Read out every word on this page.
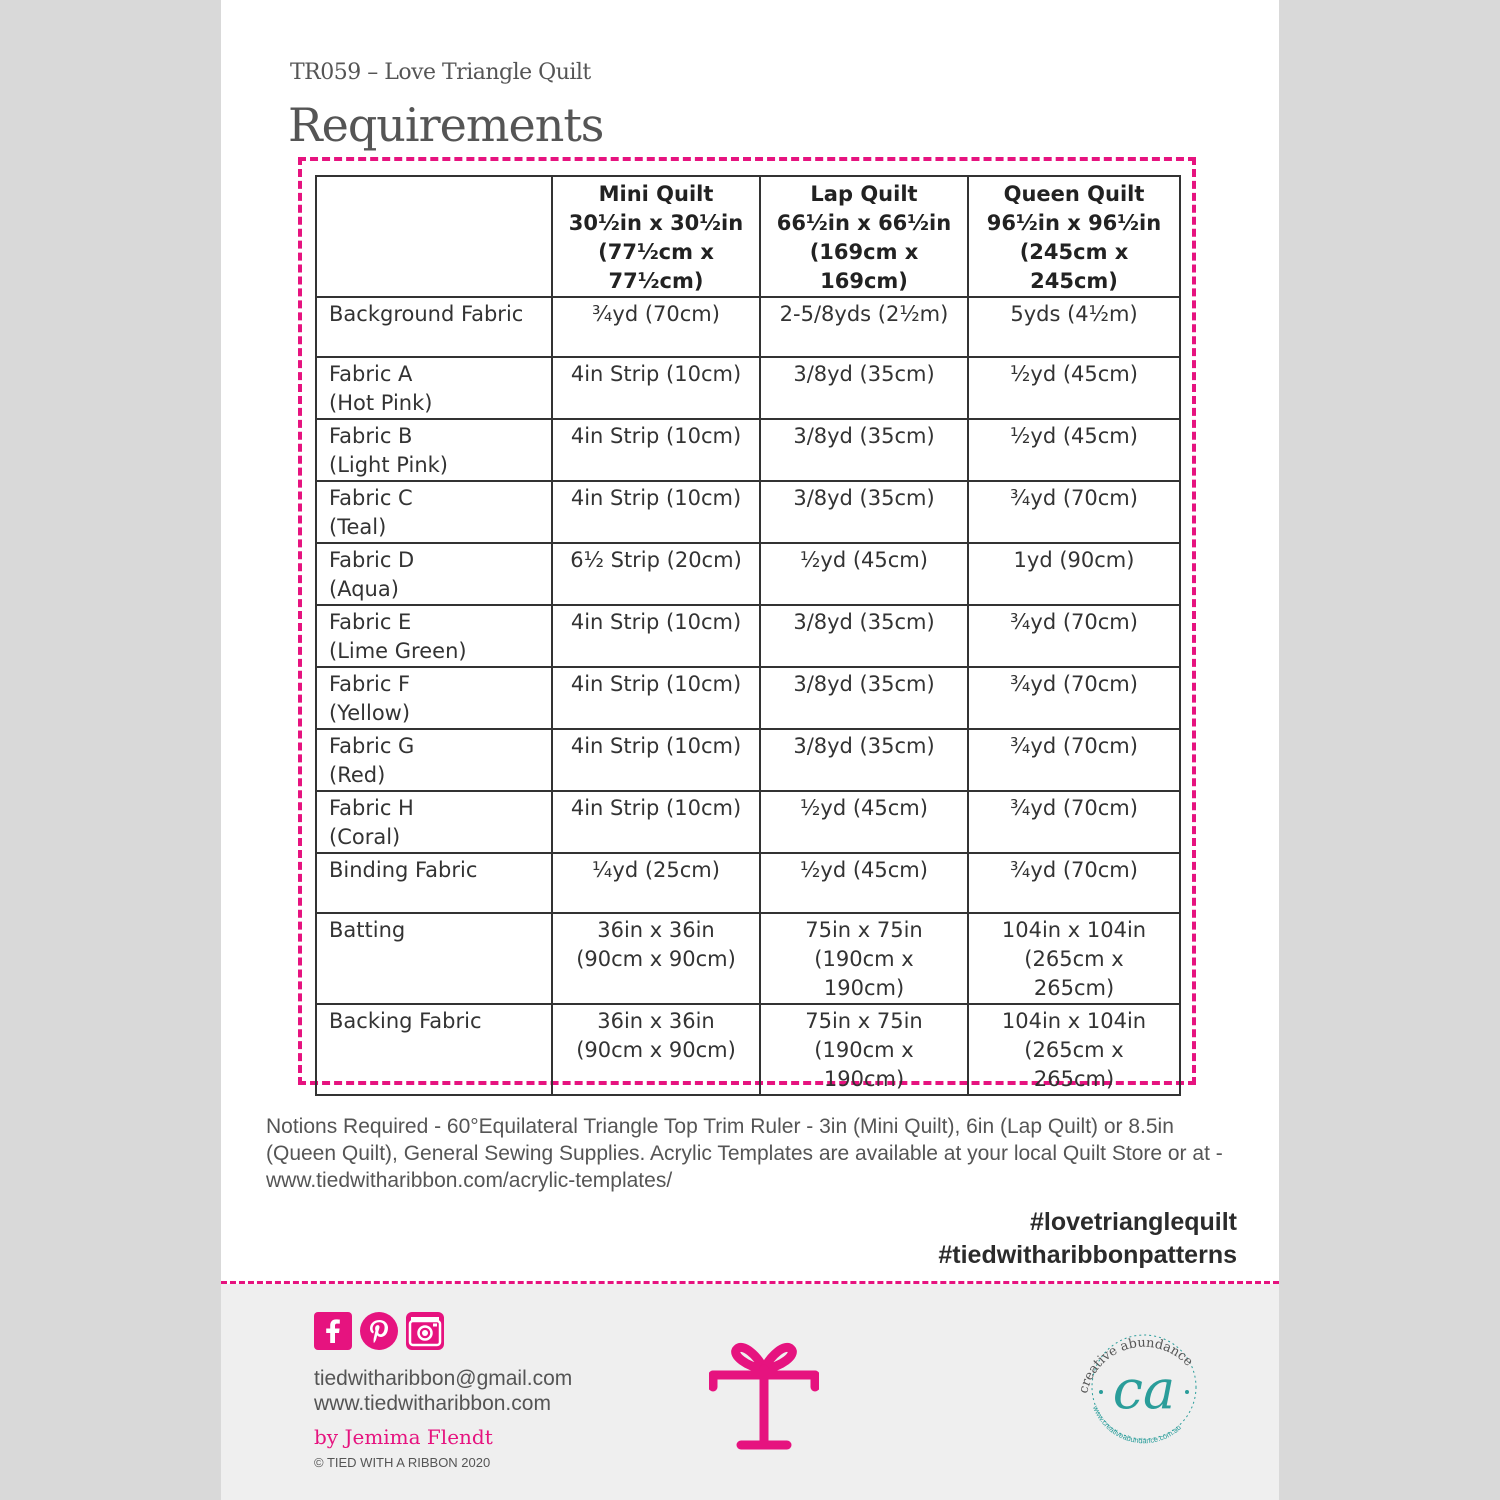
TR059 – Love Triangle Quilt
Requirements
	Mini Quilt
30½in x 30½in
(77½cm x
77½cm)	Lap Quilt
66½in x 66½in
(169cm x
169cm)	Queen Quilt
96½in x 96½in
(245cm x
245cm)
Background Fabric	¾yd (70cm)	2-5/8yds (2½m)	5yds (4½m)
Fabric A
(Hot Pink)	4in Strip (10cm)	3/8yd (35cm)	½yd (45cm)
Fabric B
(Light Pink)	4in Strip (10cm)	3/8yd (35cm)	½yd (45cm)
Fabric C
(Teal)	4in Strip (10cm)	3/8yd (35cm)	¾yd (70cm)
Fabric D
(Aqua)	6½ Strip (20cm)	½yd (45cm)	1yd (90cm)
Fabric E
(Lime Green)	4in Strip (10cm)	3/8yd (35cm)	¾yd (70cm)
Fabric F
(Yellow)	4in Strip (10cm)	3/8yd (35cm)	¾yd (70cm)
Fabric G
(Red)	4in Strip (10cm)	3/8yd (35cm)	¾yd (70cm)
Fabric H
(Coral)	4in Strip (10cm)	½yd (45cm)	¾yd (70cm)
Binding Fabric	¼yd (25cm)	½yd (45cm)	¾yd (70cm)
Batting	36in x 36in
(90cm x 90cm)	75in x 75in
(190cm x
190cm)	104in x 104in
(265cm x
265cm)
Backing Fabric	36in x 36in
(90cm x 90cm)	75in x 75in
(190cm x
190cm)	104in x 104in
(265cm x
265cm)
Notions Required - 60°Equilateral Triangle Top Trim Ruler - 3in (Mini Quilt), 6in (Lap Quilt) or 8.5in (Queen Quilt), General Sewing Supplies. Acrylic Templates are available at your local Quilt Store or at - www.tiedwitharibbon.com/acrylic-templates/
#lovetrianglequilt
#tiedwitharibbonpatterns
tiedwitharibbon@gmail.com
www.tiedwitharibbon.com
by Jemima Flendt
© TIED WITH A RIBBON 2020
creative abundance
www.creativeabundance.com.au
ca
